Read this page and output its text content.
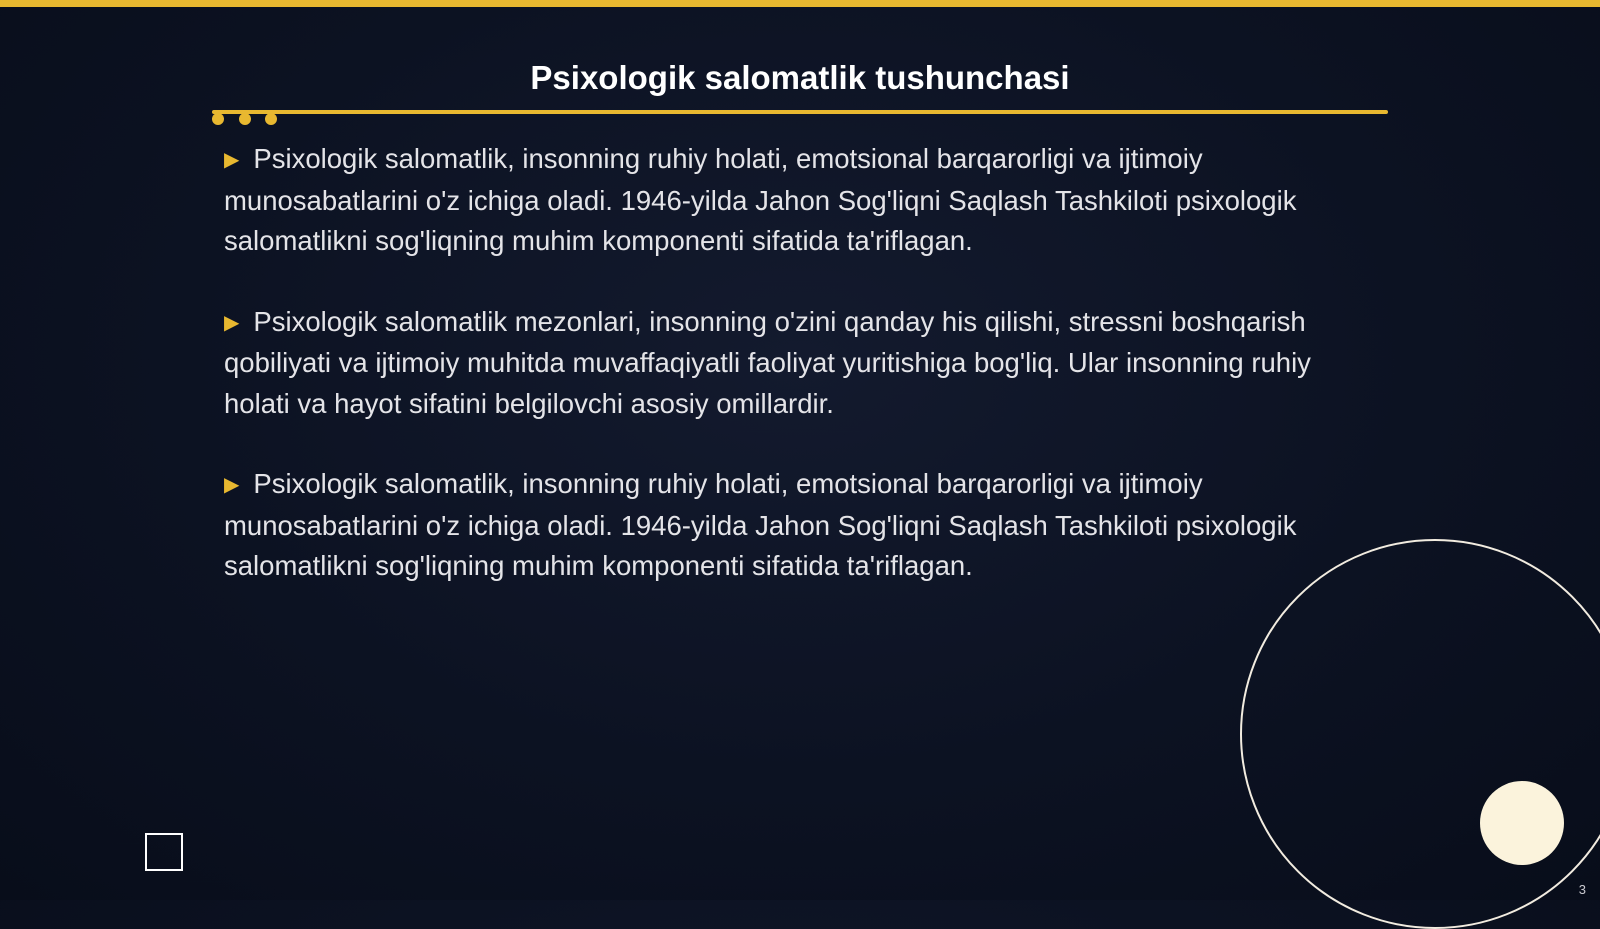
Psixologik salomatlik tushunchasi

▶ Psixologik salomatlik, insonning ruhiy holati, emotsional barqarorligi va ijtimoiy munosabatlarini o'z ichiga oladi. 1946-yilda Jahon Sog'liqni Saqlash Tashkiloti psixologik salomatlikni sog'liqning muhim komponenti sifatida ta'riflagan.

▶ Psixologik salomatlik mezonlari, insonning o'zini qanday his qilishi, stressni boshqarish qobiliyati va ijtimoiy muhitda muvaffaqiyatli faoliyat yuritishiga bog'liq. Ular insonning ruhiy holati va hayot sifatini belgilovchi asosiy omillardir.

▶ Psixologik salomatlik, insonning ruhiy holati, emotsional barqarorligi va ijtimoiy munosabatlarini o'z ichiga oladi. 1946-yilda Jahon Sog'liqni Saqlash Tashkiloti psixologik salomatlikni sog'liqning muhim komponenti sifatida ta'riflagan.

3
